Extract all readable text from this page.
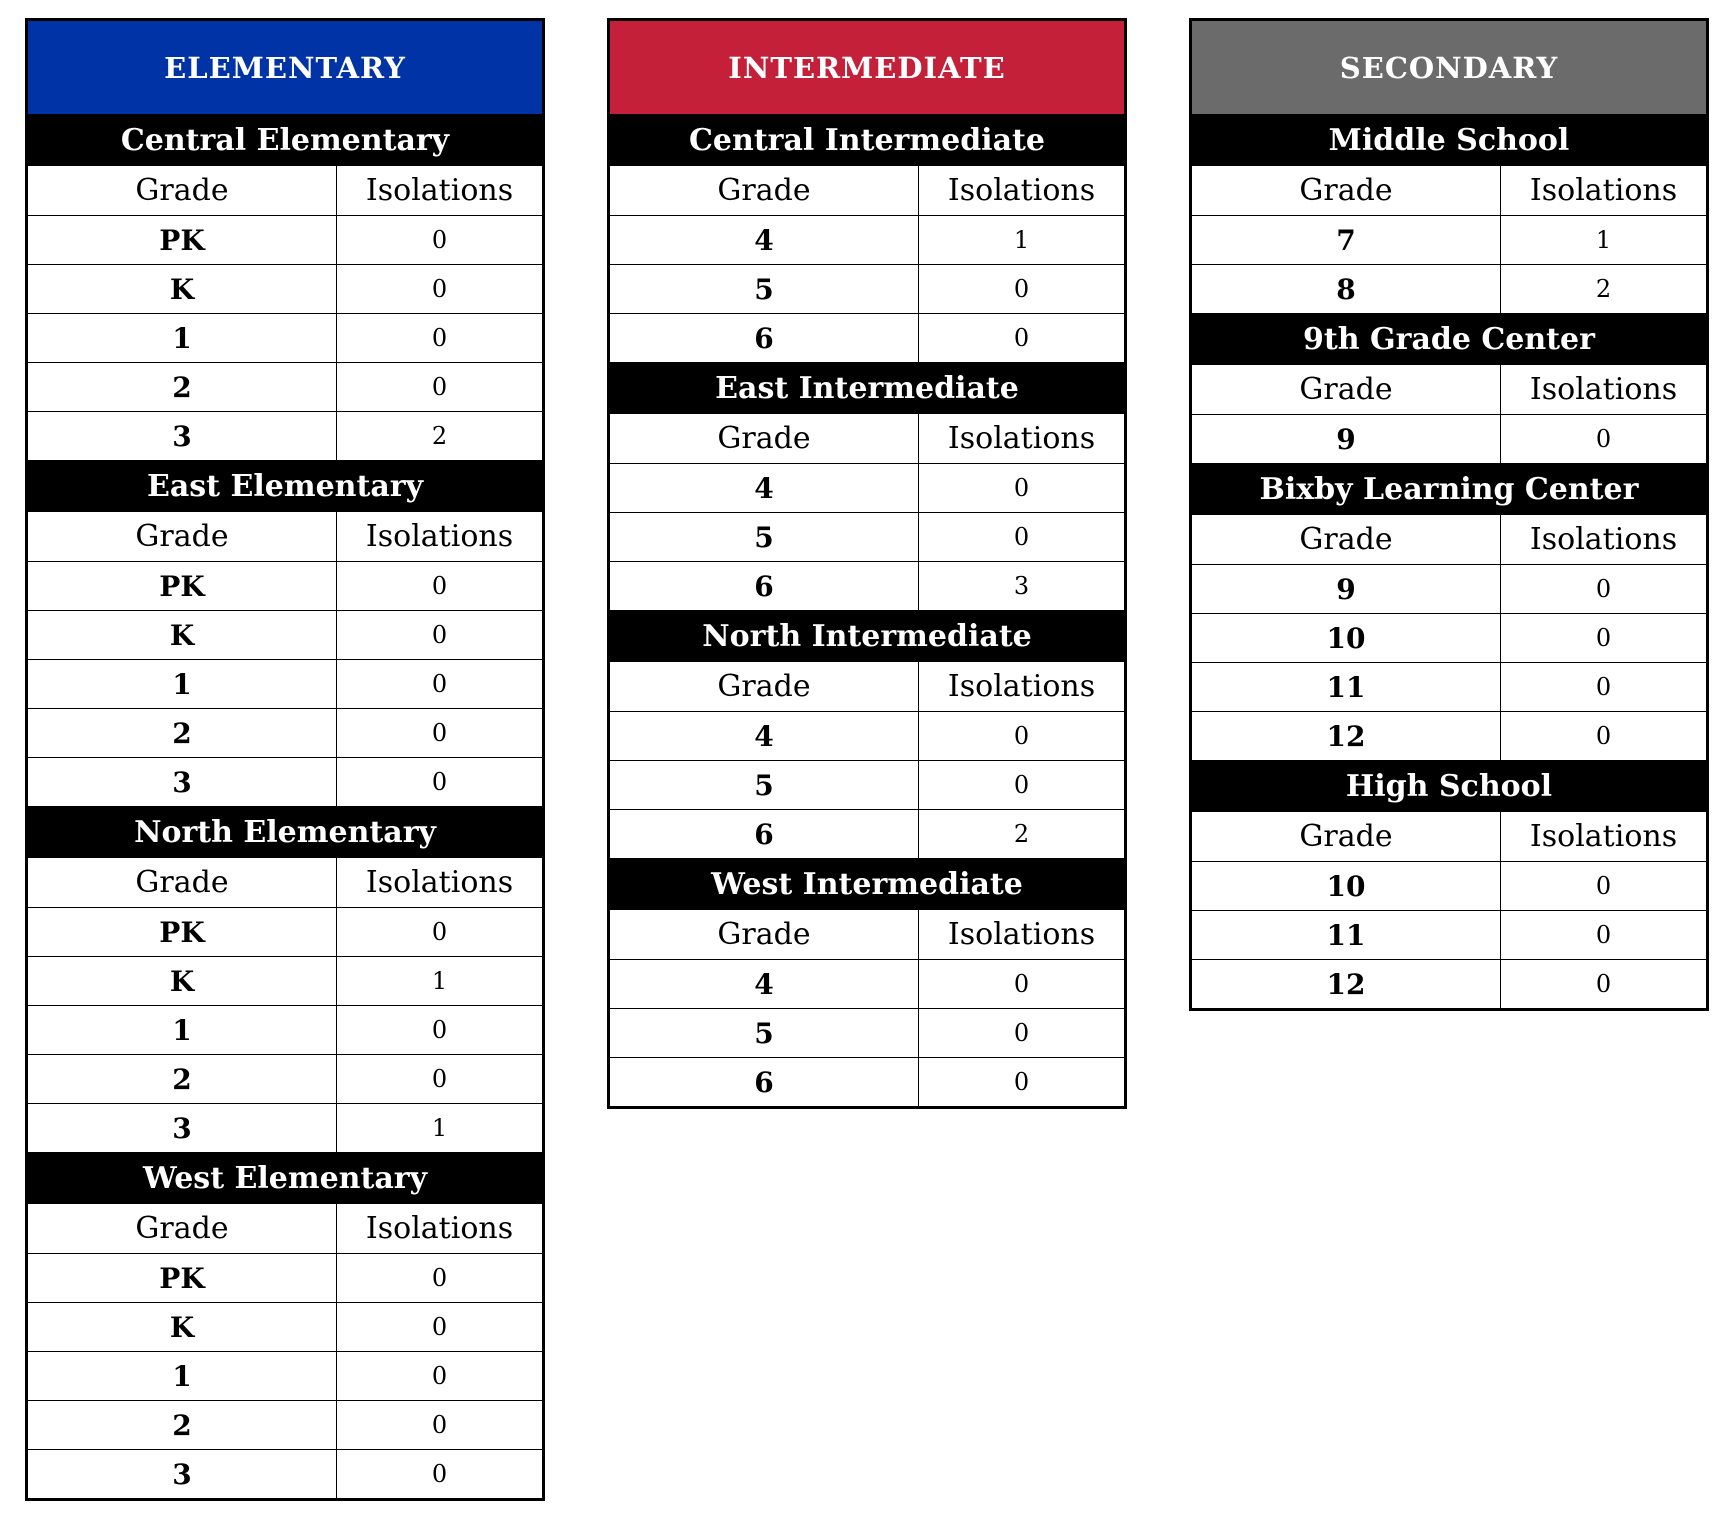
ELEMENTARY
Central Elementary
Grade	Isolations
PK	0
K	0
1	0
2	0
3	2
East Elementary
Grade	Isolations
PK	0
K	0
1	0
2	0
3	0
North Elementary
Grade	Isolations
PK	0
K	1
1	0
2	0
3	1
West Elementary
Grade	Isolations
PK	0
K	0
1	0
2	0
3	0
INTERMEDIATE
Central Intermediate
Grade	Isolations
4	1
5	0
6	0
East Intermediate
Grade	Isolations
4	0
5	0
6	3
North Intermediate
Grade	Isolations
4	0
5	0
6	2
West Intermediate
Grade	Isolations
4	0
5	0
6	0
SECONDARY
Middle School
Grade	Isolations
7	1
8	2
9th Grade Center
Grade	Isolations
9	0
Bixby Learning Center
Grade	Isolations
9	0
10	0
11	0
12	0
High School
Grade	Isolations
10	0
11	0
12	0
